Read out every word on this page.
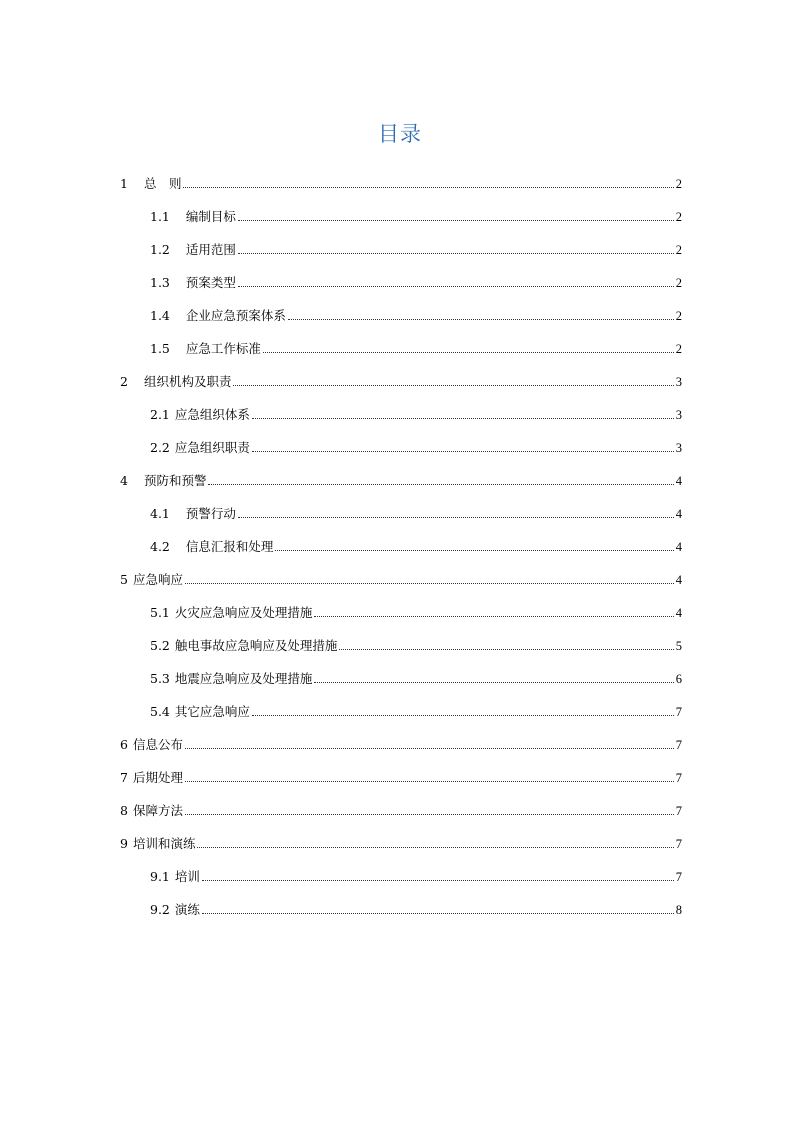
目录
1 总　则	2
1.1 编制目标	2
1.2 适用范围	2
1.3 预案类型	2
1.4 企业应急预案体系	2
1.5 应急工作标准	2
2 组织机构及职责	3
2.1 应急组织体系	3
2.2 应急组织职责	3
4 预防和预警	4
4.1 预警行动	4
4.2 信息汇报和处理	4
5 应急响应	4
5.1 火灾应急响应及处理措施	4
5.2 触电事故应急响应及处理措施	5
5.3 地震应急响应及处理措施	6
5.4 其它应急响应	7
6 信息公布	7
7 后期处理	7
8 保障方法	7
9 培训和演练	7
9.1 培训	7
9.2 演练	8
